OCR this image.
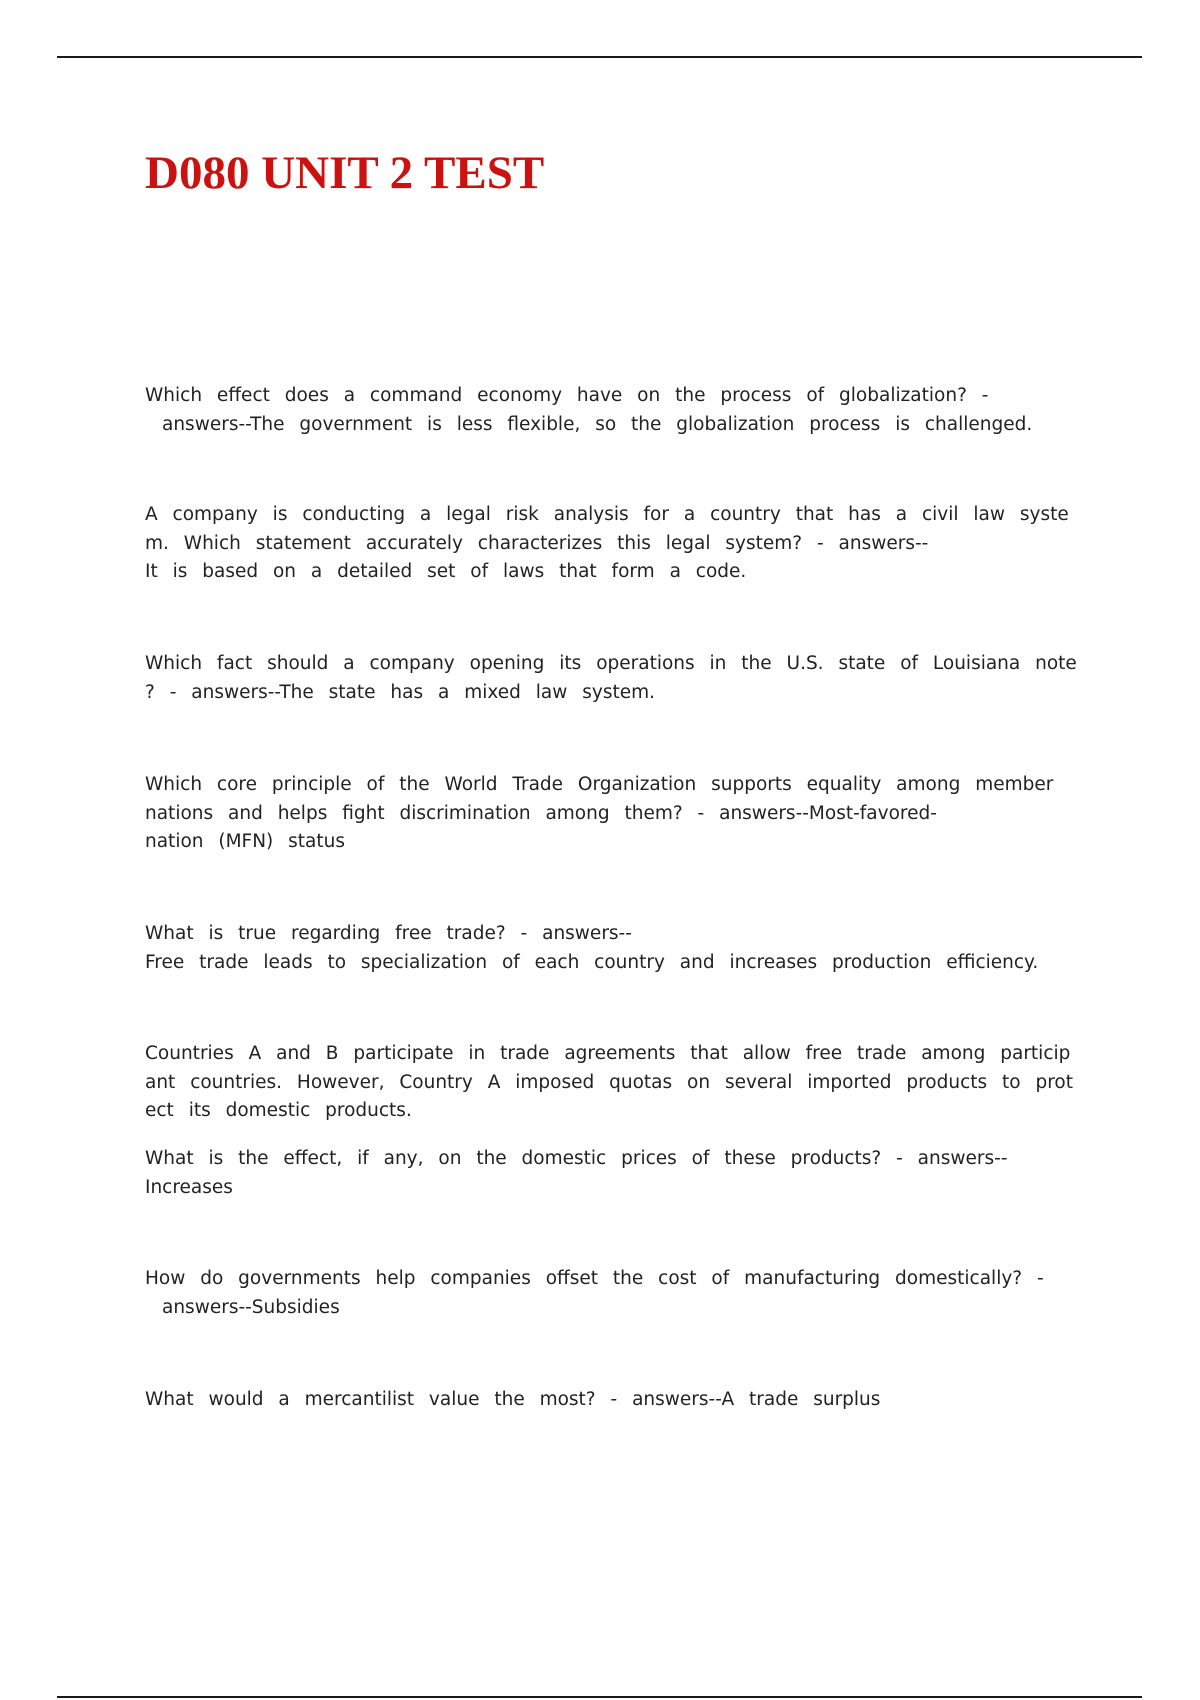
D080 UNIT 2 TEST
Which effect does a command economy have on the process of globalization? -
answers--The government is less flexible, so the globalization process is challenged.
A company is conducting a legal risk analysis for a country that has a civil law syste
m. Which statement accurately characterizes this legal system? - answers--
It is based on a detailed set of laws that form a code.
Which fact should a company opening its operations in the U.S. state of Louisiana note
? - answers--The state has a mixed law system.
Which core principle of the World Trade Organization supports equality among member
nations and helps fight discrimination among them? - answers--Most-favored-
nation (MFN) status
What is true regarding free trade? - answers--
Free trade leads to specialization of each country and increases production efficiency.
Countries A and B participate in trade agreements that allow free trade among particip
ant countries. However, Country A imposed quotas on several imported products to prot
ect its domestic products.
What is the effect, if any, on the domestic prices of these products? - answers--
Increases
How do governments help companies offset the cost of manufacturing domestically? -
answers--Subsidies
What would a mercantilist value the most? - answers--A trade surplus
